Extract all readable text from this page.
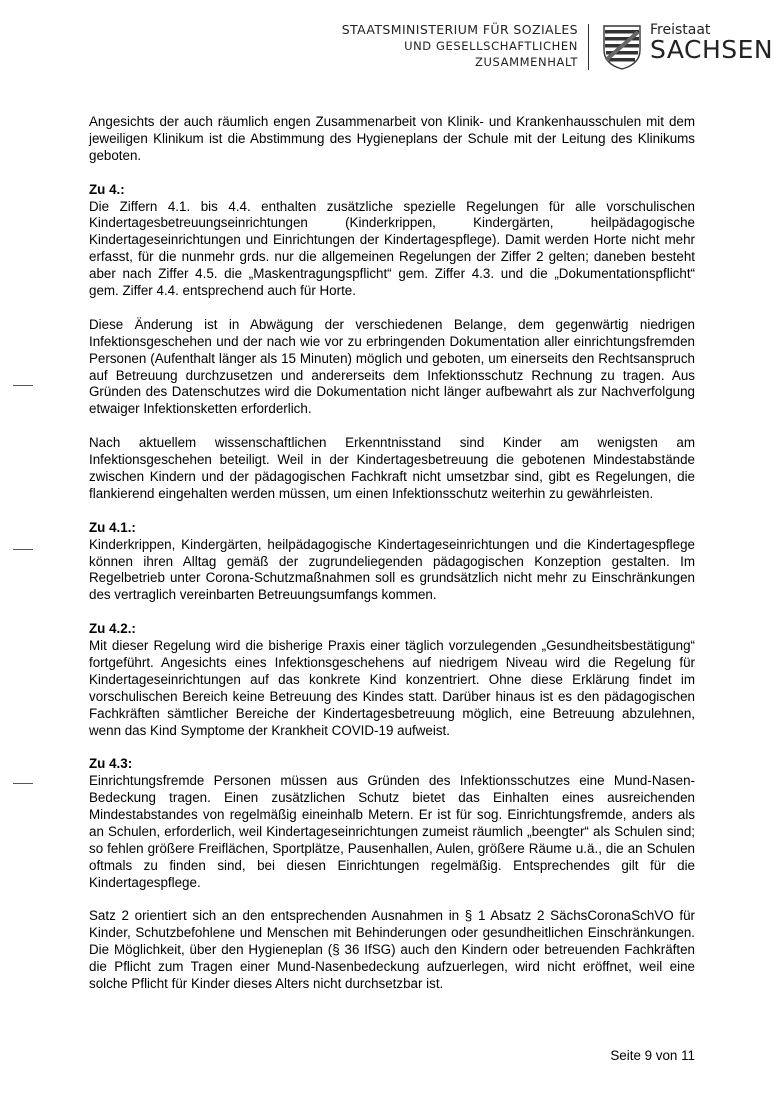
STAATSMINISTERIUM FÜR SOZIALES
UND GESELLSCHAFTLICHEN
ZUSAMMENHALT
Freistaat
SACHSEN

Angesichts der auch räumlich engen Zusammenarbeit von Klinik- und Krankenhausschulen mit dem jeweiligen Klinikum ist die Abstimmung des Hygieneplans der Schule mit der Leitung des Klinikums geboten.

Zu 4.:

Die Ziffern 4.1. bis 4.4. enthalten zusätzliche spezielle Regelungen für alle vorschulischen Kindertagesbetreuungseinrichtungen (Kinderkrippen, Kindergärten, heilpädagogische Kindertageseinrichtungen und Einrichtungen der Kindertagespflege). Damit werden Horte nicht mehr erfasst, für die nunmehr grds. nur die allgemeinen Regelungen der Ziffer 2 gelten; daneben besteht aber nach Ziffer 4.5. die „Maskentragungspflicht“ gem. Ziffer 4.3. und die „Dokumentationspflicht“ gem. Ziffer 4.4. entsprechend auch für Horte.

Diese Änderung ist in Abwägung der verschiedenen Belange, dem gegenwärtig niedrigen Infektionsgeschehen und der nach wie vor zu erbringenden Dokumentation aller einrichtungsfremden Personen (Aufenthalt länger als 15 Minuten) möglich und geboten, um einerseits den Rechtsanspruch auf Betreuung durchzusetzen und andererseits dem Infektionsschutz Rechnung zu tragen. Aus Gründen des Datenschutzes wird die Dokumentation nicht länger aufbewahrt als zur Nachverfolgung etwaiger Infektionsketten erforderlich.

Nach aktuellem wissenschaftlichen Erkenntnisstand sind Kinder am wenigsten am Infektionsgeschehen beteiligt. Weil in der Kindertagesbetreuung die gebotenen Mindestabstände zwischen Kindern und der pädagogischen Fachkraft nicht umsetzbar sind, gibt es Regelungen, die flankierend eingehalten werden müssen, um einen Infektionsschutz weiterhin zu gewährleisten.

Zu 4.1.:

Kinderkrippen, Kindergärten, heilpädagogische Kindertageseinrichtungen und die Kindertagespflege können ihren Alltag gemäß der zugrundeliegenden pädagogischen Konzeption gestalten. Im Regelbetrieb unter Corona-Schutzmaßnahmen soll es grundsätzlich nicht mehr zu Einschränkungen des vertraglich vereinbarten Betreuungsumfangs kommen.

Zu 4.2.:

Mit dieser Regelung wird die bisherige Praxis einer täglich vorzulegenden „Gesundheitsbestätigung“ fortgeführt. Angesichts eines Infektionsgeschehens auf niedrigem Niveau wird die Regelung für Kindertageseinrichtungen auf das konkrete Kind konzentriert. Ohne diese Erklärung findet im vorschulischen Bereich keine Betreuung des Kindes statt. Darüber hinaus ist es den pädagogischen Fachkräften sämtlicher Bereiche der Kindertagesbetreuung möglich, eine Betreuung abzulehnen, wenn das Kind Symptome der Krankheit COVID-19 aufweist.

Zu 4.3:

Einrichtungsfremde Personen müssen aus Gründen des Infektionsschutzes eine Mund-Nasen-Bedeckung tragen. Einen zusätzlichen Schutz bietet das Einhalten eines ausreichenden Mindestabstandes von regelmäßig eineinhalb Metern. Er ist für sog. Einrichtungsfremde, anders als an Schulen, erforderlich, weil Kindertageseinrichtungen zumeist räumlich „beengter“ als Schulen sind; so fehlen größere Freiflächen, Sportplätze, Pausenhallen, Aulen, größere Räume u.ä., die an Schulen oftmals zu finden sind, bei diesen Einrichtungen regelmäßig. Entsprechendes gilt für die Kindertagespflege.

Satz 2 orientiert sich an den entsprechenden Ausnahmen in § 1 Absatz 2 SächsCoronaSchVO für Kinder, Schutzbefohlene und Menschen mit Behinderungen oder gesundheitlichen Einschränkungen. Die Möglichkeit, über den Hygieneplan (§ 36 IfSG) auch den Kindern oder betreuenden Fachkräften die Pflicht zum Tragen einer Mund-Nasenbedeckung aufzuerlegen, wird nicht eröffnet, weil eine solche Pflicht für Kinder dieses Alters nicht durchsetzbar ist.

Seite 9 von 11
